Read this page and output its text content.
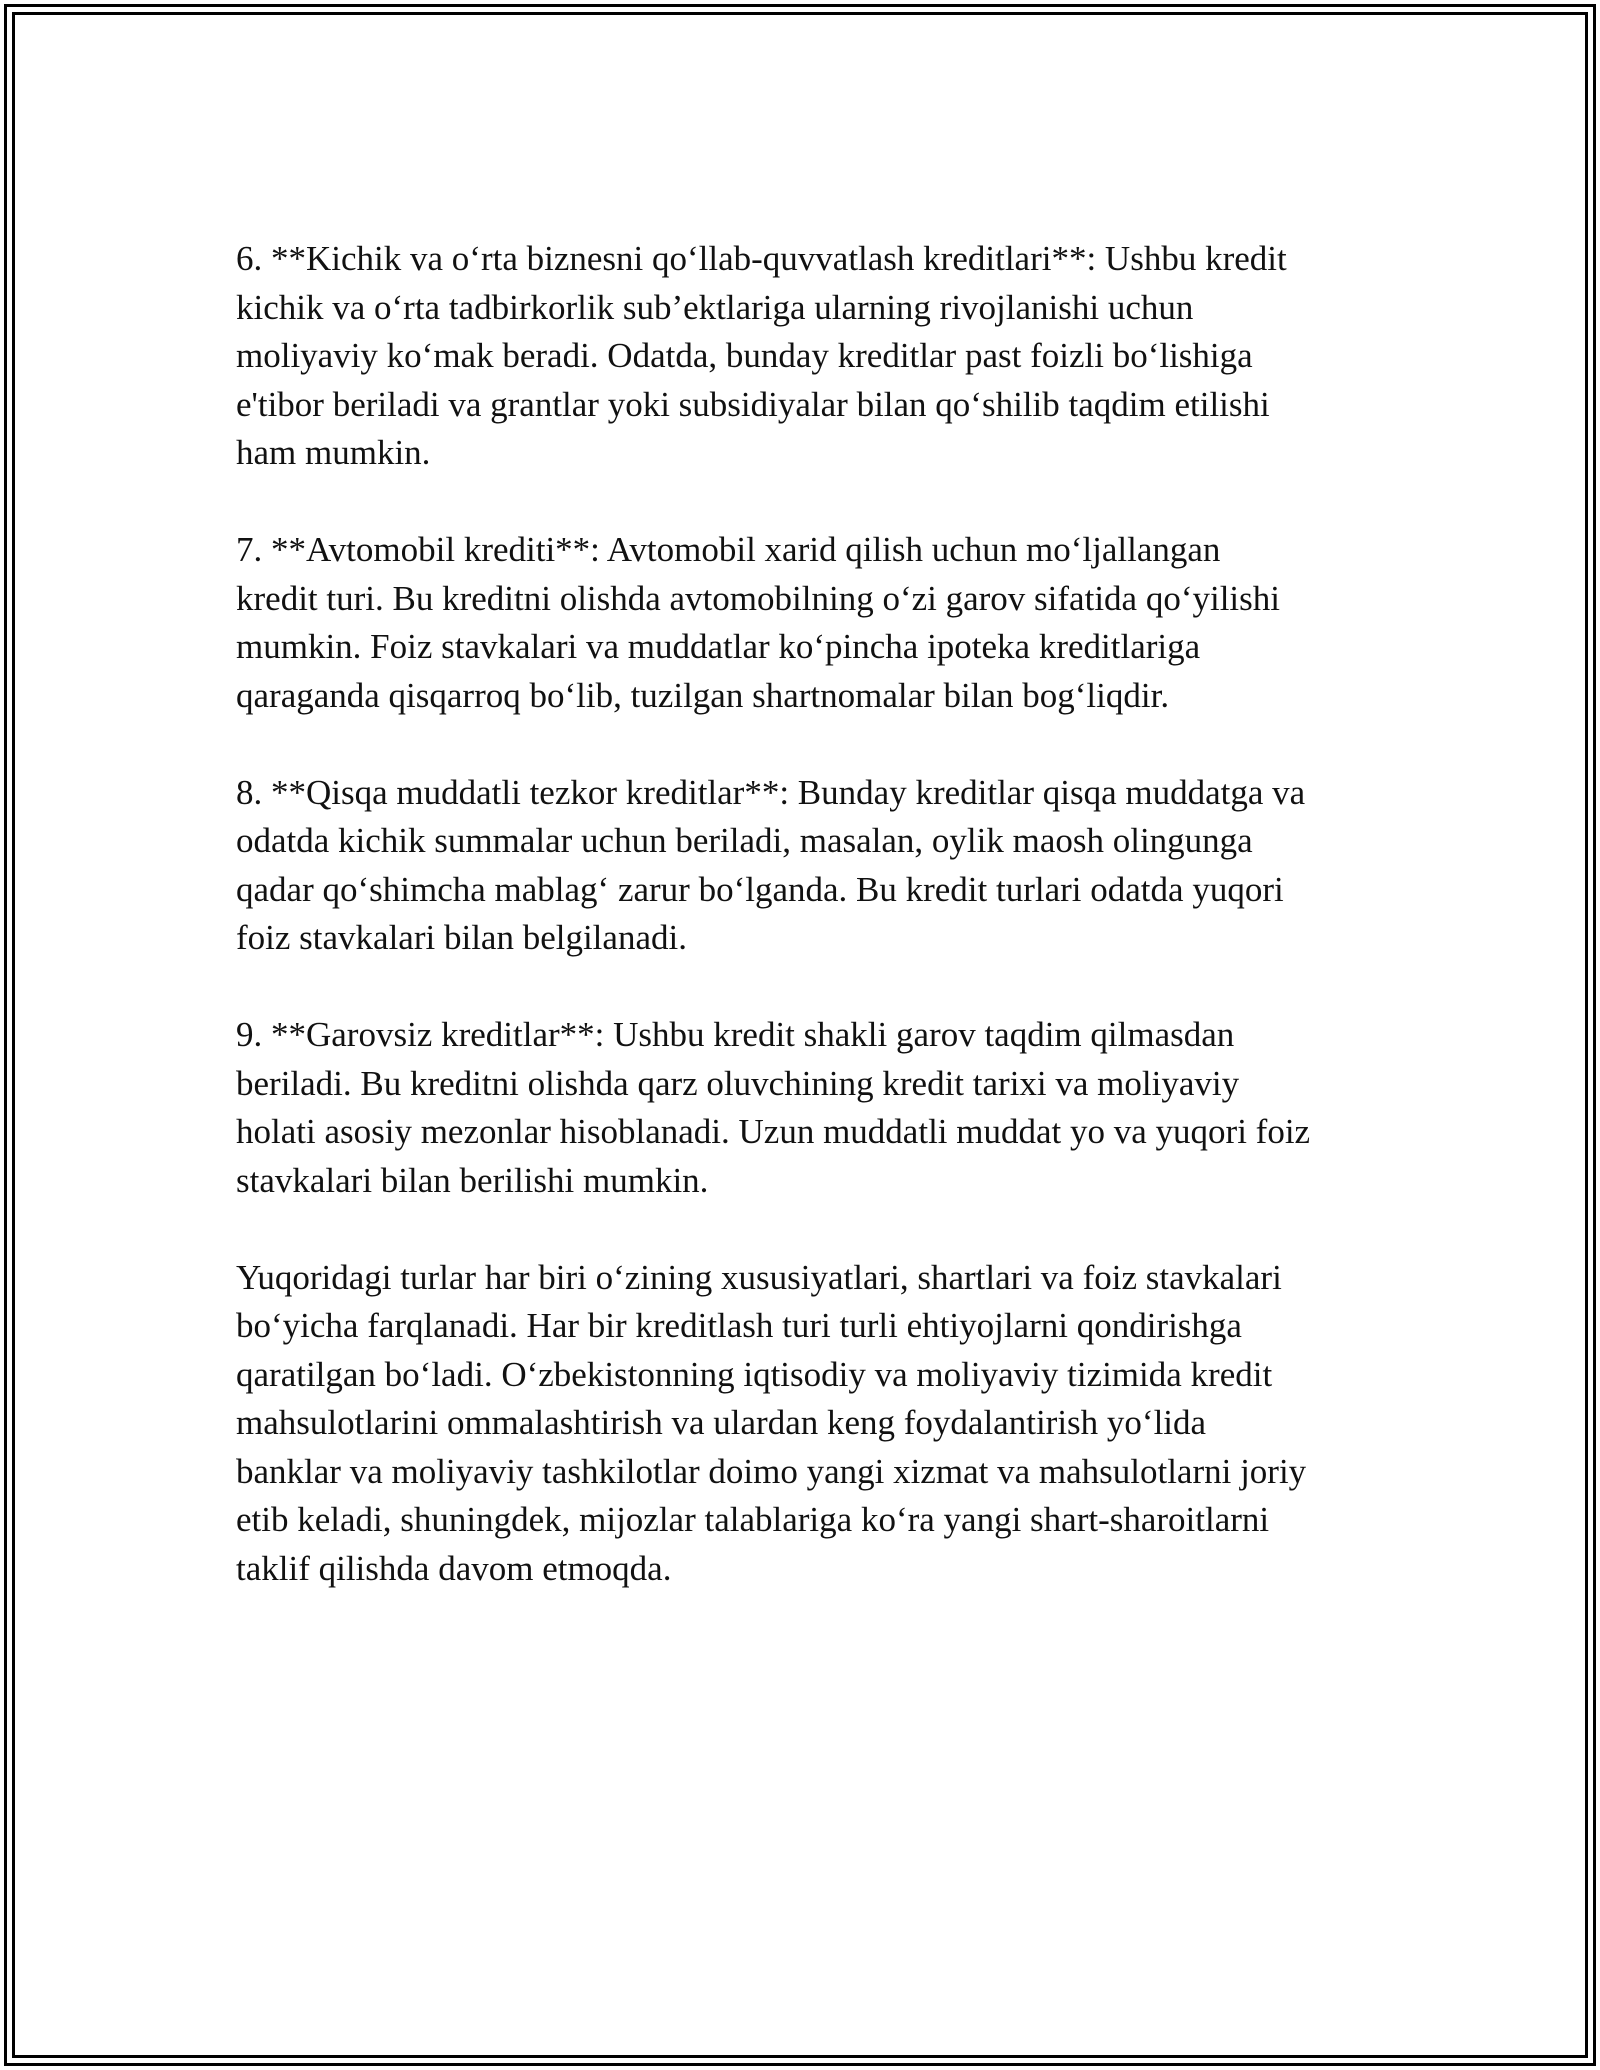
6. **Kichik va o‘rta biznesni qo‘llab-quvvatlash kreditlari**: Ushbu kredit
kichik va o‘rta tadbirkorlik sub’ektlariga ularning rivojlanishi uchun
moliyaviy ko‘mak beradi. Odatda, bunday kreditlar past foizli bo‘lishiga
e'tibor beriladi va grantlar yoki subsidiyalar bilan qo‘shilib taqdim etilishi
ham mumkin.

7. **Avtomobil krediti**: Avtomobil xarid qilish uchun mo‘ljallangan
kredit turi. Bu kreditni olishda avtomobilning o‘zi garov sifatida qo‘yilishi
mumkin. Foiz stavkalari va muddatlar ko‘pincha ipoteka kreditlariga
qaraganda qisqarroq bo‘lib, tuzilgan shartnomalar bilan bog‘liqdir.

8. **Qisqa muddatli tezkor kreditlar**: Bunday kreditlar qisqa muddatga va
odatda kichik summalar uchun beriladi, masalan, oylik maosh olingunga
qadar qo‘shimcha mablag‘ zarur bo‘lganda. Bu kredit turlari odatda yuqori
foiz stavkalari bilan belgilanadi.

9. **Garovsiz kreditlar**: Ushbu kredit shakli garov taqdim qilmasdan
beriladi. Bu kreditni olishda qarz oluvchining kredit tarixi va moliyaviy
holati asosiy mezonlar hisoblanadi. Uzun muddatli muddat yo va yuqori foiz
stavkalari bilan berilishi mumkin.

Yuqoridagi turlar har biri o‘zining xususiyatlari, shartlari va foiz stavkalari
bo‘yicha farqlanadi. Har bir kreditlash turi turli ehtiyojlarni qondirishga
qaratilgan bo‘ladi. O‘zbekistonning iqtisodiy va moliyaviy tizimida kredit
mahsulotlarini ommalashtirish va ulardan keng foydalantirish yo‘lida
banklar va moliyaviy tashkilotlar doimo yangi xizmat va mahsulotlarni joriy
etib keladi, shuningdek, mijozlar talablariga ko‘ra yangi shart-sharoitlarni
taklif qilishda davom etmoqda.
